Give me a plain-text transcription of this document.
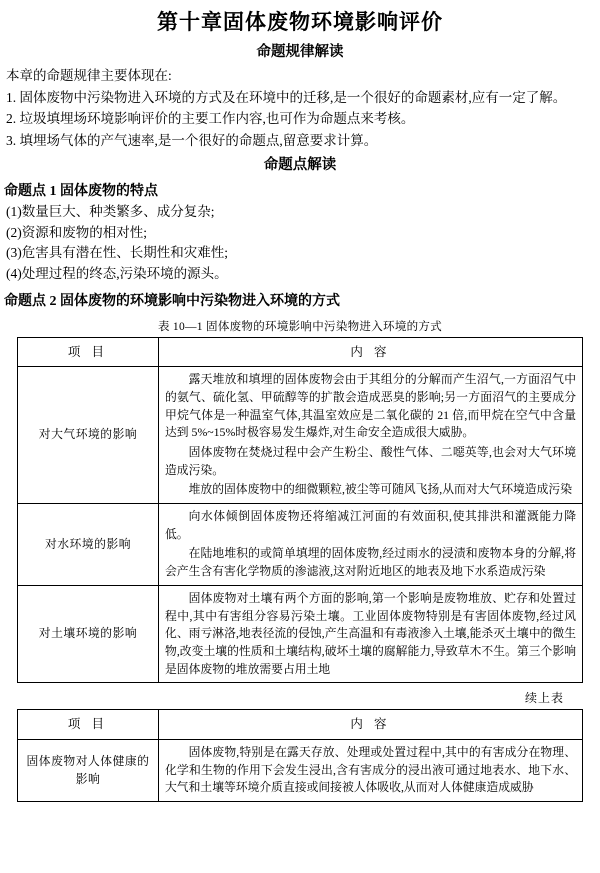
第十章固体废物环境影响评价
命题规律解读
本章的命题规律主要体现在:
1. 固体废物中污染物进入环境的方式及在环境中的迁移,是一个很好的命题素材,应有一定了解。
2. 垃圾填埋场环境影响评价的主要工作内容,也可作为命题点来考核。
3. 填埋场气体的产气速率,是一个很好的命题点,留意要求计算。
命题点解读
命题点 1 固体废物的特点
(1)数量巨大、种类繁多、成分复杂;
(2)资源和废物的相对性;
(3)危害具有潜在性、长期性和灾难性;
(4)处理过程的终态,污染环境的源头。
命题点 2 固体废物的环境影响中污染物进入环境的方式
表 10—1 固体废物的环境影响中污染物进入环境的方式
项 目	内 容
对大气环境的影响	露天堆放和填埋的固体废物会由于其组分的分解而产生沼气,一方面沼气中的氨气、硫化氢、甲硫醇等的扩散会造成恶臭的影响;另一方面沼气的主要成分甲烷气体是一种温室气体,其温室效应是二氧化碳的 21 倍,而甲烷在空气中含量达到 5%~15%时极容易发生爆炸,对生命安全造成很大威胁。

固体废物在焚烧过程中会产生粉尘、酸性气体、二噁英等,也会对大气环境造成污染。

堆放的固体废物中的细微颗粒,被尘等可随风飞扬,从而对大气环境造成污染

对水环境的影响	向水体倾倒固体废物还将缩减江河面的有效面积,使其排洪和灌溉能力降低。

在陆地堆积的或简单填埋的固体废物,经过雨水的浸渍和废物本身的分解,将会产生含有害化学物质的渗滤液,这对附近地区的地表及地下水系造成污染

对土壤环境的影响	固体废物对土壤有两个方面的影响,第一个影响是废物堆放、贮存和处置过程中,其中有害组分容易污染土壤。工业固体废物特别是有害固体废物,经过风化、雨亏淋洛,地表径流的侵蚀,产生高温和有毒液渗入土壤,能杀灭土壤中的微生物,改变土壤的性质和土壤结构,破坏土壤的腐解能力,导致草木不生。第三个影响是固体废物的堆放需要占用土地

续上表
项 目	内 容
固体废物对人体健康的影响	固体废物,特别是在露天存放、处理或处置过程中,其中的有害成分在物理、化学和生物的作用下会发生浸出,含有害成分的浸出液可通过地表水、地下水、大气和土壤等环境介质直接或间接被人体吸收,从而对人体健康造成威胁
